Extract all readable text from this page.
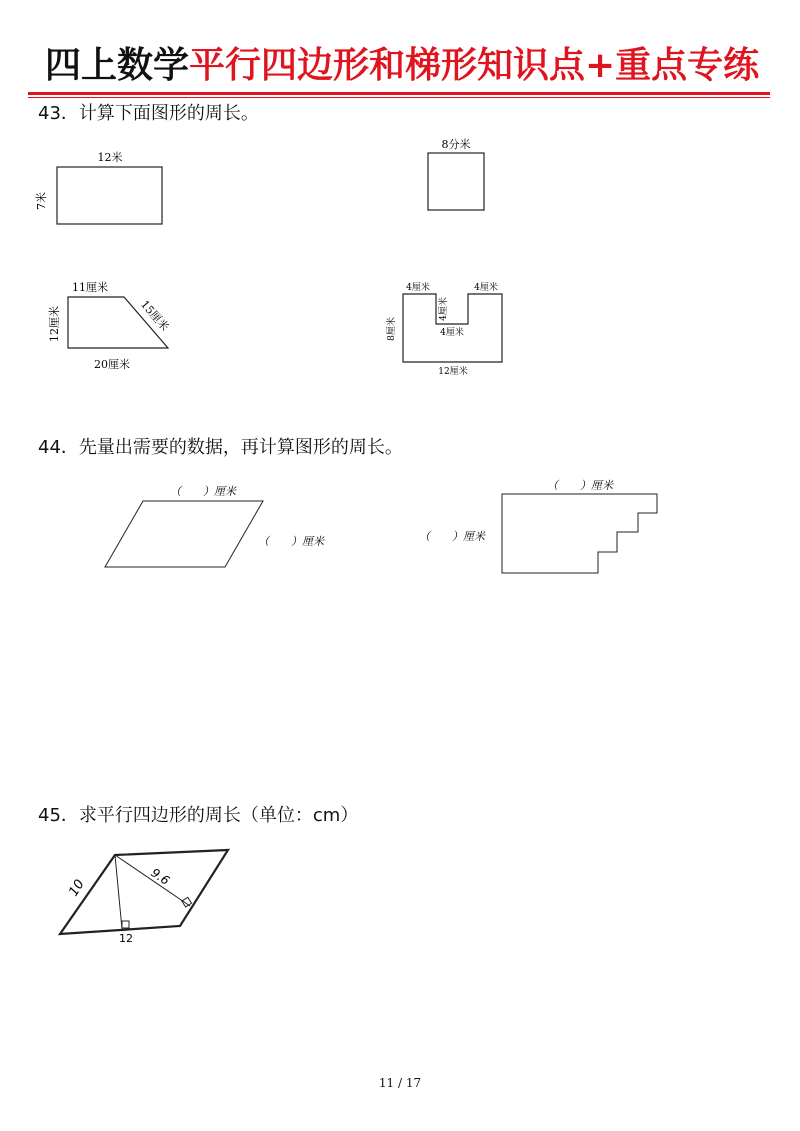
四上数学平行四边形和梯形知识点+重点专练
43．计算下面图形的周长。
12米
7米
8分米
11厘米
12厘米	15厘米
20厘米
4厘米	4厘米
4厘米
4厘米
8厘米
12厘米
44．先量出需要的数据，再计算图形的周长。
（　　）厘米
（　　）厘米
（　　）厘米
（　　）厘米
45．求平行四边形的周长（单位：cm）
10
9.6
12
11 / 17
